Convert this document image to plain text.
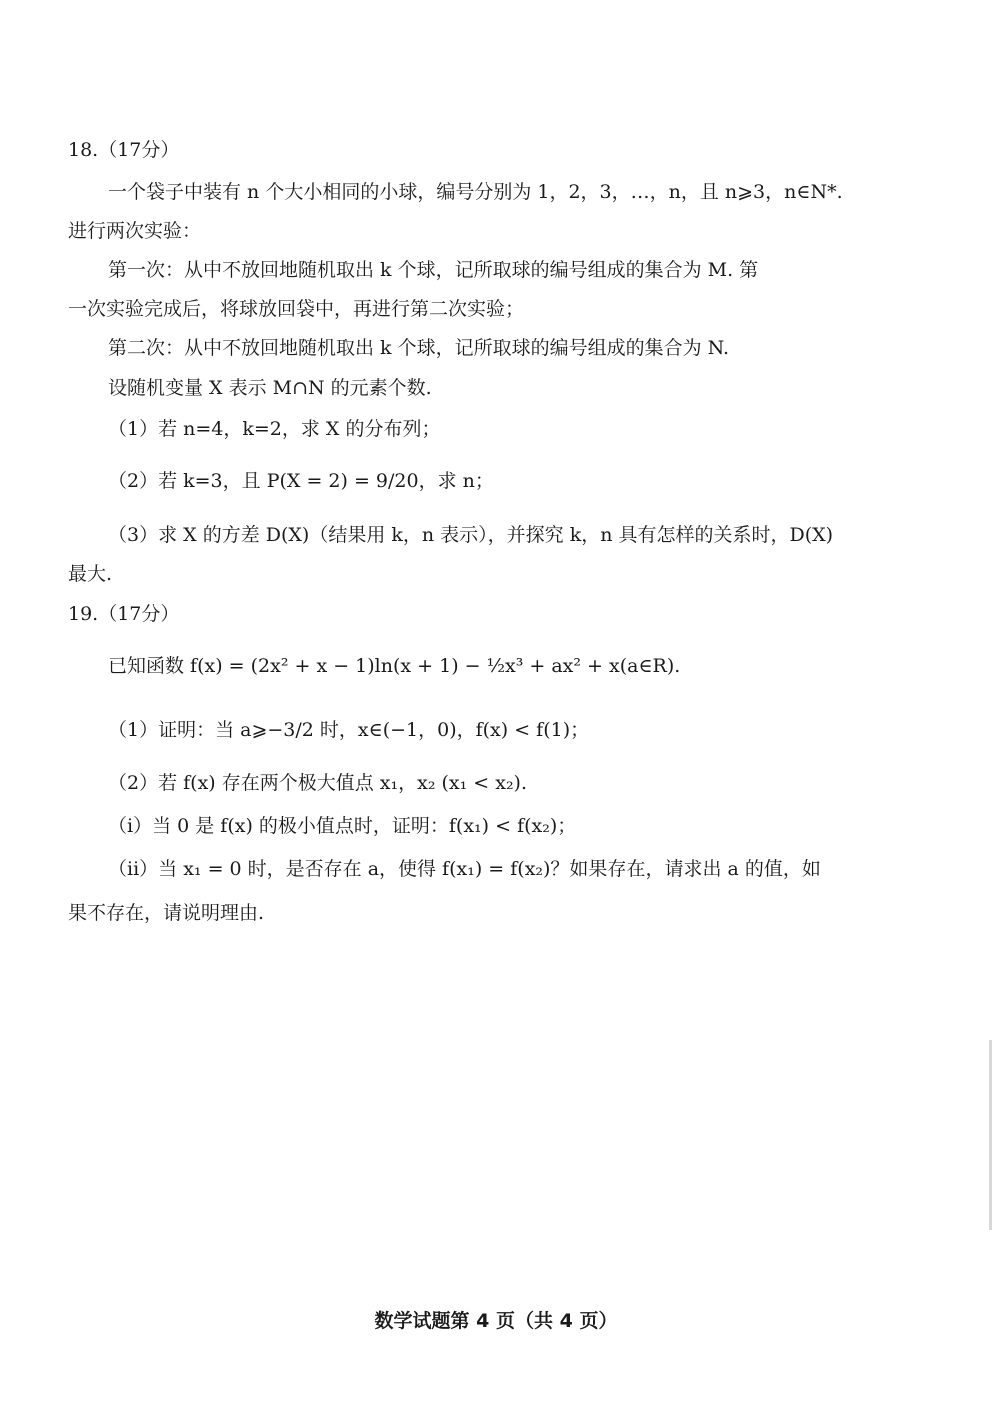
18.（17分）
一个袋子中装有 n 个大小相同的小球，编号分别为 1，2，3，…，n，且 n⩾3，n∈N*.
进行两次实验：
第一次：从中不放回地随机取出 k 个球，记所取球的编号组成的集合为 M. 第
一次实验完成后，将球放回袋中，再进行第二次实验；
第二次：从中不放回地随机取出 k 个球，记所取球的编号组成的集合为 N.
设随机变量 X 表示 M∩N 的元素个数.
（1）若 n=4，k=2，求 X 的分布列；
（2）若 k=3，且 P(X = 2) = 9/20，求 n；
（3）求 X 的方差 D(X)（结果用 k，n 表示），并探究 k，n 具有怎样的关系时，D(X)
最大.
19.（17分）
已知函数 f(x) = (2x² + x − 1)ln(x + 1) − ½x³ + ax² + x(a∈R).
（1）证明：当 a⩾−3/2 时，x∈(−1，0)，f(x) < f(1)；
（2）若 f(x) 存在两个极大值点 x₁，x₂ (x₁ < x₂).
（i）当 0 是 f(x) 的极小值点时，证明：f(x₁) < f(x₂)；
（ii）当 x₁ = 0 时，是否存在 a，使得 f(x₁) = f(x₂)？如果存在，请求出 a 的值，如
果不存在，请说明理由.
数学试题第 4 页（共 4 页）
